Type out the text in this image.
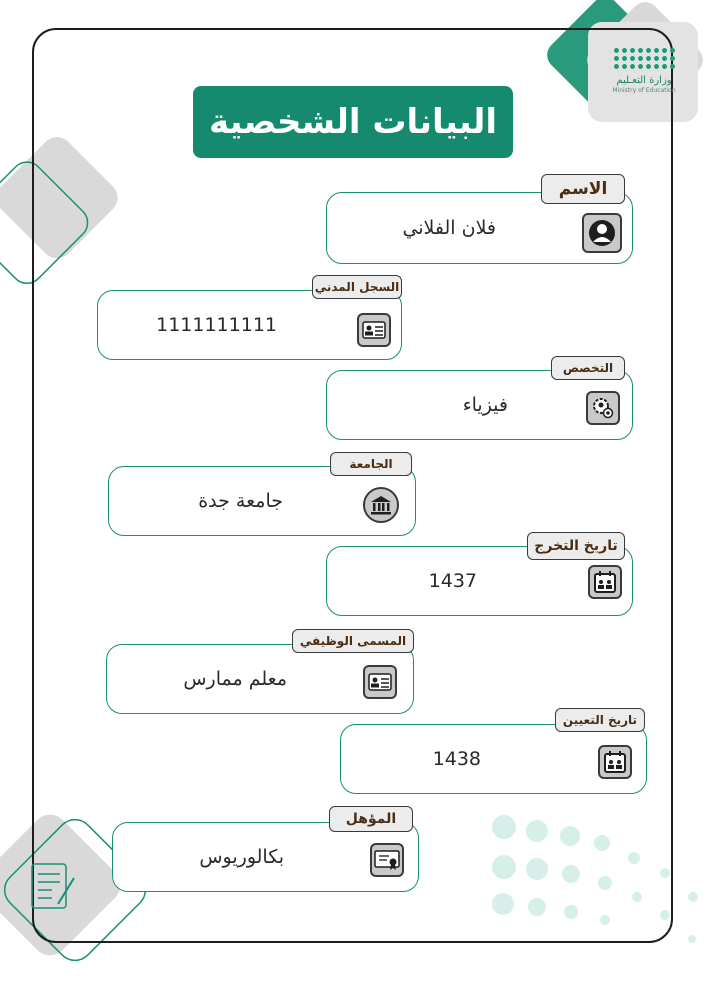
وزارة التعـليم
Ministry of Education
البيانات الشخصية
فلان الفلاني
الاسم
1111111111
السجل المدني
فيزياء
التخصص
جامعة جدة
الجامعة
1437
تاريخ التخرج
معلم ممارس
المسمى الوظيفي
1438
تاريخ التعيين
بكالوريوس
المؤهل
